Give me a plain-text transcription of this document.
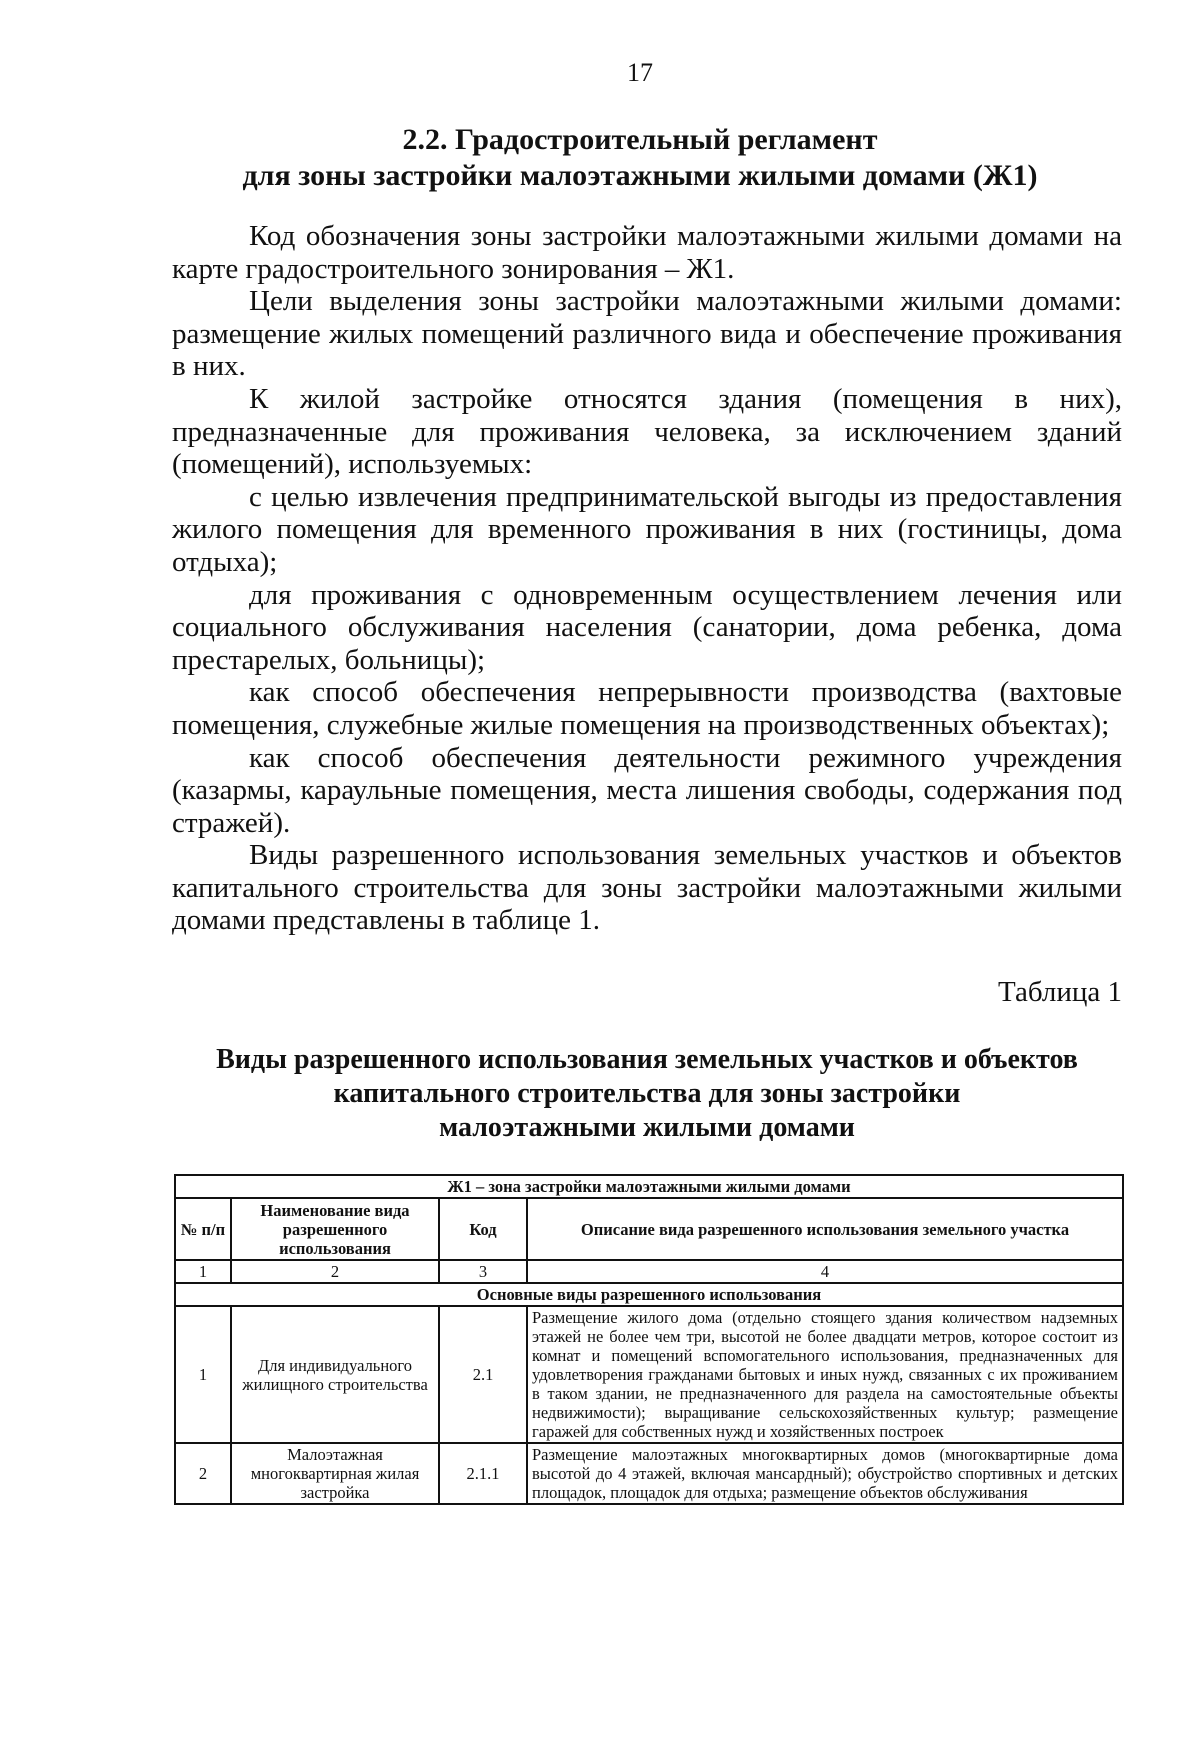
17
2.2. Градостроительный регламент
для зоны застройки малоэтажными жилыми домами (Ж1)

Код обозначения зоны застройки малоэтажными жилыми домами на карте градостроительного зонирования – Ж1.

Цели выделения зоны застройки малоэтажными жилыми домами: размещение жилых помещений различного вида и обеспечение проживания в них.

К жилой застройке относятся здания (помещения в них), предназначенные для проживания человека, за исключением зданий (помещений), используемых:

с целью извлечения предпринимательской выгоды из предоставления жилого помещения для временного проживания в них (гостиницы, дома отдыха);

для проживания с одновременным осуществлением лечения или социального обслуживания населения (санатории, дома ребенка, дома престарелых, больницы);

как способ обеспечения непрерывности производства (вахтовые помещения, служебные жилые помещения на производственных объектах);

как способ обеспечения деятельности режимного учреждения (казармы, караульные помещения, места лишения свободы, содержания под стражей).

Виды разрешенного использования земельных участков и объектов капитального строительства для зоны застройки малоэтажными жилыми домами представлены в таблице 1.

Таблица 1
Виды разрешенного использования земельных участков и объектов
капитального строительства для зоны застройки
малоэтажными жилыми домами
Ж1 – зона застройки малоэтажными жилыми домами			
№ п/п	Наименование вида разрешенного использования	Код	Описание вида разрешенного использования земельного участка
1	2	3	4
Основные виды разрешенного использования			
1	Для индивидуального жилищного строительства	2.1	Размещение жилого дома (отдельно стоящего здания количеством надземных этажей не более чем три, высотой не более двадцати метров, которое состоит из комнат и помещений вспомогательного использования, предназначенных для удовлетворения гражданами бытовых и иных нужд, связанных с их проживанием в таком здании, не предназначенного для раздела на самостоятельные объекты недвижимости); выращивание сельскохозяйственных культур; размещение гаражей для собственных нужд и хозяйственных построек
2	Малоэтажная многоквартирная жилая застройка	2.1.1	Размещение малоэтажных многоквартирных домов (многоквартирные дома высотой до 4 этажей, включая мансардный); обустройство спортивных и детских площадок, площадок для отдыха; размещение объектов обслуживания
